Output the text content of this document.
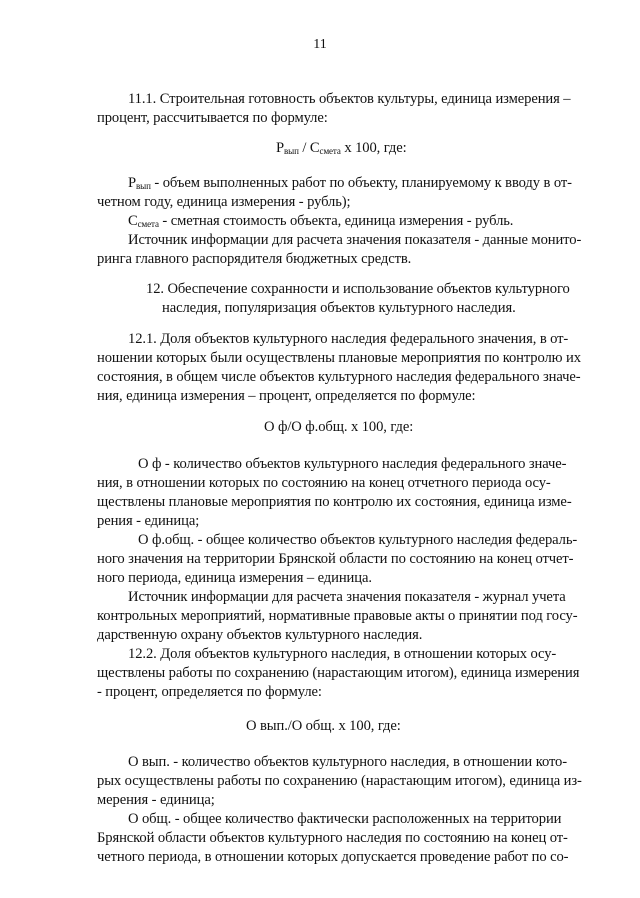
11

11.1. Строительная готовность объектов культуры, единица измерения –

процент, рассчитывается по формуле:

$Р_{вып} / С_{смета}$ х 100, где:

$Р_{вып}$ - объем выполненных работ по объекту, планируемому к вводу в от-

четном году, единица измерения - рубль);

$С_{смета}$ - сметная стоимость объекта, единица измерения - рубль.

Источник информации для расчета значения показателя - данные монито-

ринга главного распорядителя бюджетных средств.

12. Обеспечение сохранности и использование объектов культурного

наследия, популяризация объектов культурного наследия.

12.1. Доля объектов культурного наследия федерального значения, в от-

ношении которых были осуществлены плановые мероприятия по контролю их

состояния, в общем числе объектов культурного наследия федерального значе-

ния, единица измерения – процент, определяется по формуле:

О ф/О ф.общ. х 100, где:

О ф - количество объектов культурного наследия федерального значе-

ния, в отношении которых по состоянию на конец отчетного периода осу-

ществлены плановые мероприятия по контролю их состояния, единица изме-

рения - единица;

О ф.общ. - общее количество объектов культурного наследия федераль-

ного значения на территории Брянской области по состоянию на конец отчет-

ного периода, единица измерения – единица.

Источник информации для расчета значения показателя - журнал учета

контрольных мероприятий, нормативные правовые акты о принятии под госу-

дарственную охрану объектов культурного наследия.

12.2. Доля объектов культурного наследия, в отношении которых осу-

ществлены работы по сохранению (нарастающим итогом), единица измерения

- процент, определяется по формуле:

О вып./О общ. х 100, где:

О вып. - количество объектов культурного наследия, в отношении кото-

рых осуществлены работы по сохранению (нарастающим итогом), единица из-

мерения - единица;

О общ. - общее количество фактически расположенных на территории

Брянской области объектов культурного наследия по состоянию на конец от-

четного периода, в отношении которых допускается проведение работ по со-
